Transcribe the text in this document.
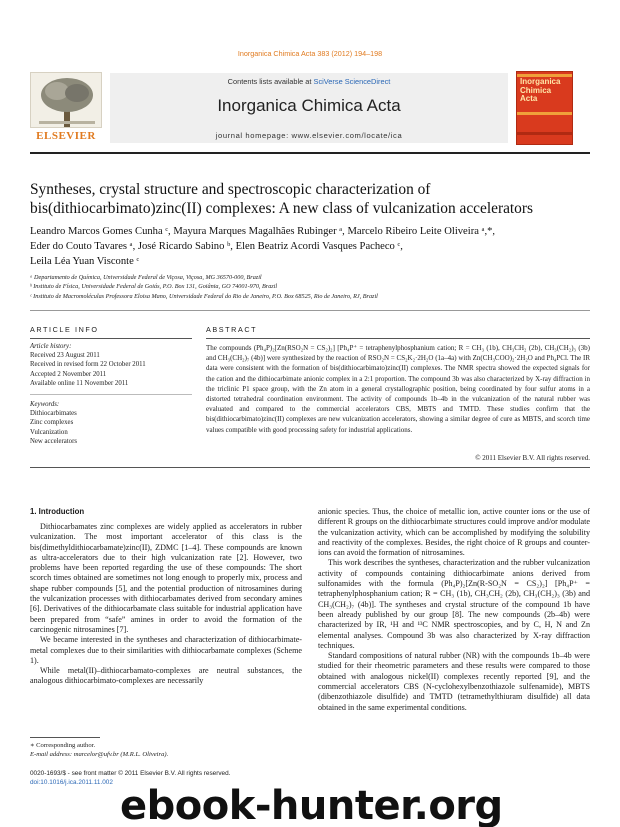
Inorganica Chimica Acta 383 (2012) 194–198
ELSEVIER
Contents lists available at SciVerse ScienceDirect
Inorganica Chimica Acta
journal homepage: www.elsevier.com/locate/ica
Inorganica Chimica Acta
Syntheses, crystal structure and spectroscopic characterization of
bis(dithiocarbimato)zinc(II) complexes: A new class of vulcanization accelerators
Leandro Marcos Gomes Cunha ᶜ, Mayura Marques Magalhães Rubinger ᵃ, Marcelo Ribeiro Leite Oliveira ᵃ,*,
Eder do Couto Tavares ᵃ, José Ricardo Sabino ᵇ, Elen Beatriz Acordi Vasques Pacheco ᶜ,
Leila Léa Yuan Visconte ᶜ
ᵃ Departamento de Química, Universidade Federal de Viçosa, Viçosa, MG 36570-000, Brazil
ᵇ Instituto de Física, Universidade Federal de Goiás, P.O. Box 131, Goiânia, GO 74001-970, Brazil
ᶜ Instituto de Macromoléculas Professora Eloisa Mano, Universidade Federal do Rio de Janeiro, P.O. Box 68525, Rio de Janeiro, RJ, Brazil
ARTICLE INFO	ABSTRACT
Article history:
Received 23 August 2011
Received in revised form 22 October 2011
Accepted 2 November 2011
Available online 11 November 2011
Keywords:
Dithiocarbimates
Zinc complexes
Vulcanization
New accelerators
The compounds (Ph₄P)₂[Zn(RSO₂N = CS₂)₂] [Ph₄P⁺ = tetraphenylphosphanium cation; R = CH₃ (1b), CH₃CH₂ (2b), CH₃(CH₂)₃ (3b) and CH₃(CH₂)₇ (4b)] were synthesized by the reaction of RSO₂N = CS₂K₂·2H₂O (1a–4a) with Zn(CH₃COO)₂·2H₂O and Ph₄PCl. The IR data were consistent with the formation of bis(dithiocarbimato)zinc(II) complexes. The NMR spectra showed the expected signals for the cation and the dithiocarbimate anionic complex in a 2:1 proportion. The compound 3b was also characterized by X-ray diffraction in the triclinic P1 space group, with the Zn atom in a general crystallographic position, being coordinated by four sulfur atoms in a distorted tetrahedral coordination environment. The activity of compounds 1b–4b in the vulcanization of the natural rubber was evaluated and compared to the commercial accelerators CBS, MBTS and TMTD. These studies confirm that the bis(dithiocarbimato)zinc(II) complexes are new vulcanization accelerators, showing a similar degree of cure as MBTS, and scorch time values compatible with good processing safety for industrial applications.
© 2011 Elsevier B.V. All rights reserved.
1. Introduction

Dithiocarbamates zinc complexes are widely applied as accelerators in rubber vulcanization. The most important accelerator of this class is the bis(dimethyldithiocarbamate)zinc(II), ZDMC [1–4]. These compounds are known as ultra-accelerators due to their high vulcanization rate [2]. However, two problems have been reported regarding the use of these compounds: The short scorch times obtained are sometimes not long enough to properly mix, process and shape rubber compounds [5], and the potential production of nitrosamines during the vulcanization processes with dithiocarbamates derived from secondary amines [6]. Derivatives of the dithiocarbamate class suitable for industrial application have been prepared from “safe” amines in order to avoid the formation of the carcinogenic nitrosamines [7].

We became interested in the syntheses and characterization of dithiocarbimate-metal complexes due to their similarities with dithiocarbamate complexes (Scheme 1).

While metal(II)–dithiocarbamato-complexes are neutral substances, the analogous dithiocarbimato-complexes are necessarily

anionic species. Thus, the choice of metallic ion, active counter ions or the use of different R groups on the dithiocarbimate structures could improve and/or modulate the vulcanization activity, which can be accomplished by modifying the solubility and reactivity of the complexes. Besides, the right choice of R groups and counter-ions can avoid the formation of nitrosamines.

This work describes the syntheses, characterization and the rubber vulcanization activity of compounds containing dithiocarbimate anions derived from sulfonamides with the formula (Ph₄P)₂[Zn(R-SO₂N = CS₂)₂] [Ph₄P⁺ = tetraphenylphosphanium cation; R = CH₃ (1b), CH₃CH₂ (2b), CH₃(CH₂)₃ (3b) and CH₃(CH₂)₇ (4b)]. The syntheses and crystal structure of the compound 1b have been already published by our group [8]. The new compounds (2b–4b) were characterized by IR, ¹H and ¹³C NMR spectroscopies, and by C, H, N and Zn elemental analyses. Compound 3b was also characterized by X-ray diffraction techniques.

Standard compositions of natural rubber (NR) with the compounds 1b–4b were studied for their rheometric parameters and these results were compared to those obtained with analogous nickel(II) complexes recently reported [9], and the commercial accelerators CBS (N-cyclohexylbenzothiazole sulfenamide), MBTS (dibenzothiazole disulfide) and TMTD (tetramethylthiuram disulfide) all data obtained in the same experimental conditions.

∗ Corresponding author.
E-mail address: marcelor@ufv.br (M.R.L. Oliveira).
0020-1693/$ - see front matter © 2011 Elsevier B.V. All rights reserved.
doi:10.1016/j.ica.2011.11.002
ebook-hunter.org
